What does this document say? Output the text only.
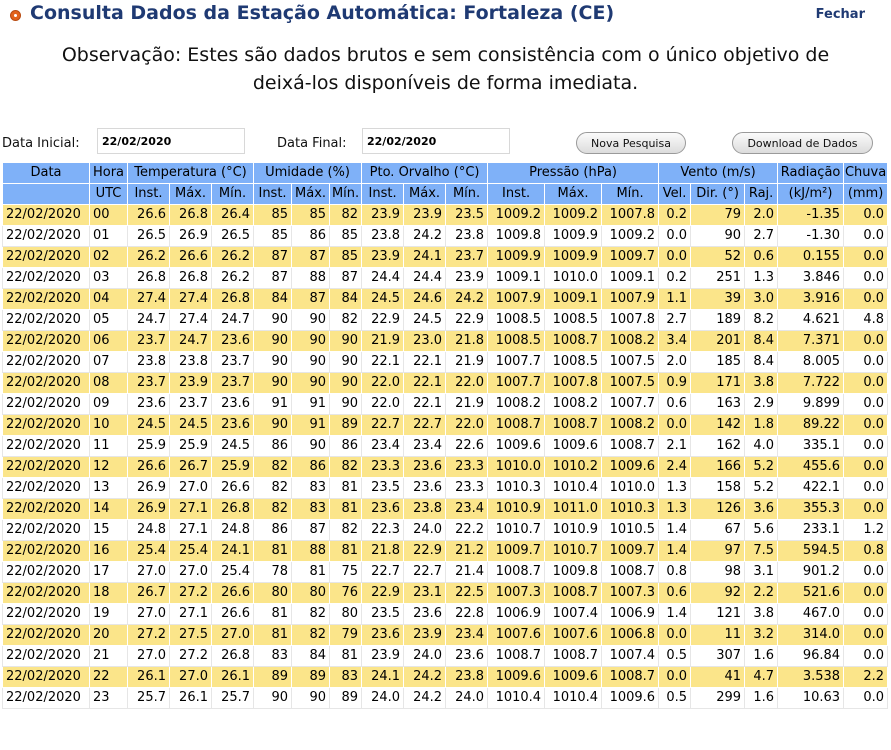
Consulta Dados da Estação Automática: Fortaleza (CE)	Fechar
Observação: Estes são dados brutos e sem consistência com o único objetivo de
deixá-los disponíveis de forma imediata.
Data Inicial:
22/02/2020	Data Final:
22/02/2020	Nova Pesquisa	Download de Dados
Data	Hora	Temperatura (°C)			Umidade (%)			Pto. Orvalho (°C)			Pressão (hPa)			Vento (m/s)			Radiação	Chuva
	UTC	Inst.	Máx.	Mín.	Inst.	Máx.	Mín.	Inst.	Máx.	Mín.	Inst.	Máx.	Mín.	Vel.	Dir. (°)	Raj.	(kJ/m²)	(mm)
22/02/2020	00	26.6	26.8	26.4	85	85	82	23.9	23.9	23.5	1009.2	1009.2	1007.8	0.2	79	2.0	-1.35	0.0
22/02/2020	01	26.5	26.9	26.5	85	86	85	23.8	24.2	23.8	1009.8	1009.9	1009.2	0.0	90	2.7	-1.30	0.0
22/02/2020	02	26.2	26.6	26.2	87	87	85	23.9	24.1	23.7	1009.9	1009.9	1009.7	0.0	52	0.6	0.155	0.0
22/02/2020	03	26.8	26.8	26.2	87	88	87	24.4	24.4	23.9	1009.1	1010.0	1009.1	0.2	251	1.3	3.846	0.0
22/02/2020	04	27.4	27.4	26.8	84	87	84	24.5	24.6	24.2	1007.9	1009.1	1007.9	1.1	39	3.0	3.916	0.0
22/02/2020	05	24.7	27.4	24.7	90	90	82	22.9	24.5	22.9	1008.5	1008.5	1007.8	2.7	189	8.2	4.621	4.8
22/02/2020	06	23.7	24.7	23.6	90	90	90	21.9	23.0	21.8	1008.5	1008.7	1008.2	3.4	201	8.4	7.371	0.0
22/02/2020	07	23.8	23.8	23.7	90	90	90	22.1	22.1	21.9	1007.7	1008.5	1007.5	2.0	185	8.4	8.005	0.0
22/02/2020	08	23.7	23.9	23.7	90	90	90	22.0	22.1	22.0	1007.7	1007.8	1007.5	0.9	171	3.8	7.722	0.0
22/02/2020	09	23.6	23.7	23.6	91	91	90	22.0	22.1	21.9	1008.2	1008.2	1007.7	0.6	163	2.9	9.899	0.0
22/02/2020	10	24.5	24.5	23.6	90	91	89	22.7	22.7	22.0	1008.7	1008.7	1008.2	0.0	142	1.8	89.22	0.0
22/02/2020	11	25.9	25.9	24.5	86	90	86	23.4	23.4	22.6	1009.6	1009.6	1008.7	2.1	162	4.0	335.1	0.0
22/02/2020	12	26.6	26.7	25.9	82	86	82	23.3	23.6	23.3	1010.0	1010.2	1009.6	2.4	166	5.2	455.6	0.0
22/02/2020	13	26.9	27.0	26.6	82	83	81	23.5	23.6	23.3	1010.3	1010.4	1010.0	1.3	158	5.2	422.1	0.0
22/02/2020	14	26.9	27.1	26.8	82	83	81	23.6	23.8	23.4	1010.9	1011.0	1010.3	1.3	126	3.6	355.3	0.0
22/02/2020	15	24.8	27.1	24.8	86	87	82	22.3	24.0	22.2	1010.7	1010.9	1010.5	1.4	67	5.6	233.1	1.2
22/02/2020	16	25.4	25.4	24.1	81	88	81	21.8	22.9	21.2	1009.7	1010.7	1009.7	1.4	97	7.5	594.5	0.8
22/02/2020	17	27.0	27.0	25.4	78	81	75	22.7	22.7	21.4	1008.7	1009.8	1008.7	0.8	98	3.1	901.2	0.0
22/02/2020	18	26.7	27.2	26.6	80	80	76	22.9	23.1	22.5	1007.3	1008.7	1007.3	0.6	92	2.2	521.6	0.0
22/02/2020	19	27.0	27.1	26.6	81	82	80	23.5	23.6	22.8	1006.9	1007.4	1006.9	1.4	121	3.8	467.0	0.0
22/02/2020	20	27.2	27.5	27.0	81	82	79	23.6	23.9	23.4	1007.6	1007.6	1006.8	0.0	11	3.2	314.0	0.0
22/02/2020	21	27.0	27.2	26.8	83	84	81	23.9	24.0	23.6	1008.7	1008.7	1007.4	0.5	307	1.6	96.84	0.0
22/02/2020	22	26.1	27.0	26.1	89	89	83	24.1	24.2	23.8	1009.6	1009.6	1008.7	0.0	41	4.7	3.538	2.2
22/02/2020	23	25.7	26.1	25.7	90	90	89	24.0	24.2	24.0	1010.4	1010.4	1009.6	0.5	299	1.6	10.63	0.0
